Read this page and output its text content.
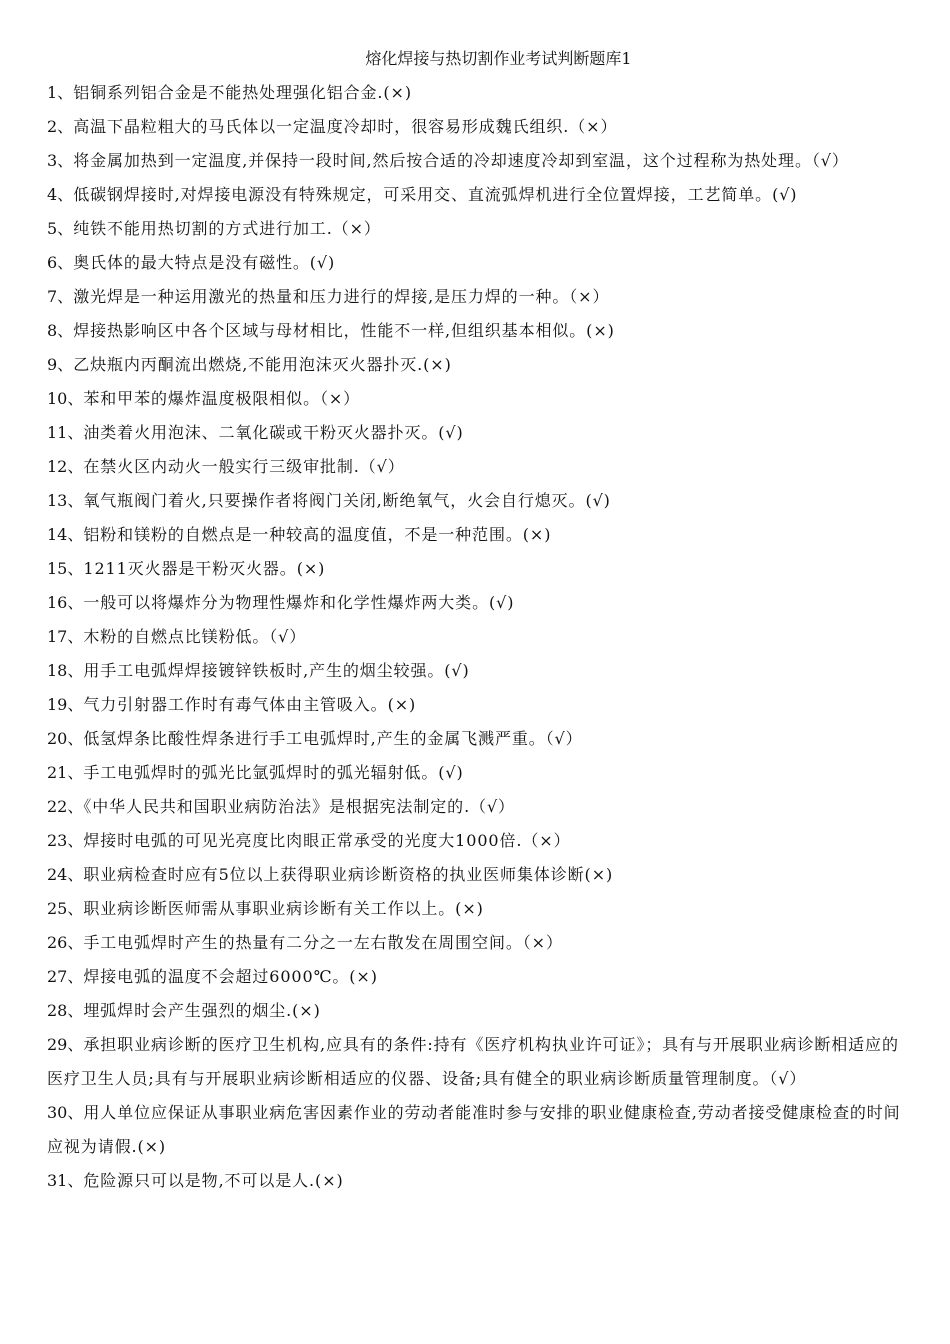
熔化焊接与热切割作业考试判断题库1
1、铝铜系列铝合金是不能热处理强化铝合金.(×)
2、高温下晶粒粗大的马氏体以一定温度冷却时，很容易形成魏氏组织.（×）
3、将金属加热到一定温度,并保持一段时间,然后按合适的冷却速度冷却到室温，这个过程称为热处理。（√）
4、低碳钢焊接时,对焊接电源没有特殊规定，可采用交、直流弧焊机进行全位置焊接，工艺简单。(√)
5、纯铁不能用热切割的方式进行加工.（×）
6、奥氏体的最大特点是没有磁性。(√)
7、激光焊是一种运用激光的热量和压力进行的焊接,是压力焊的一种。（×）
8、焊接热影响区中各个区域与母材相比，性能不一样,但组织基本相似。(×)
9、乙炔瓶内丙酮流出燃烧,不能用泡沫灭火器扑灭.(×)
10、苯和甲苯的爆炸温度极限相似。（×）
11、油类着火用泡沫、二氧化碳或干粉灭火器扑灭。(√)
12、在禁火区内动火一般实行三级审批制.（√）
13、氧气瓶阀门着火,只要操作者将阀门关闭,断绝氧气，火会自行熄灭。(√)
14、铝粉和镁粉的自燃点是一种较高的温度值，不是一种范围。(×)
15、1211灭火器是干粉灭火器。(×)
16、一般可以将爆炸分为物理性爆炸和化学性爆炸两大类。(√)
17、木粉的自燃点比镁粉低。（√）
18、用手工电弧焊焊接镀锌铁板时,产生的烟尘较强。(√)
19、气力引射器工作时有毒气体由主管吸入。(×)
20、低氢焊条比酸性焊条进行手工电弧焊时,产生的金属飞溅严重。（√）
21、手工电弧焊时的弧光比氩弧焊时的弧光辐射低。(√)
22、《中华人民共和国职业病防治法》是根据宪法制定的.（√）
23、焊接时电弧的可见光亮度比肉眼正常承受的光度大1000倍.（×）
24、职业病检查时应有5位以上获得职业病诊断资格的执业医师集体诊断(×)
25、职业病诊断医师需从事职业病诊断有关工作以上。(×)
26、手工电弧焊时产生的热量有二分之一左右散发在周围空间。（×）
27、焊接电弧的温度不会超过6000℃。(×)
28、埋弧焊时会产生强烈的烟尘.(×)
29、承担职业病诊断的医疗卫生机构,应具有的条件:持有《医疗机构执业许可证》；具有与开展职业病诊断相适应的医疗卫生人员;具有与开展职业病诊断相适应的仪器、设备;具有健全的职业病诊断质量管理制度。（√）
30、用人单位应保证从事职业病危害因素作业的劳动者能准时参与安排的职业健康检查,劳动者接受健康检查的时间应视为请假.(×)
31、危险源只可以是物,不可以是人.(×)
